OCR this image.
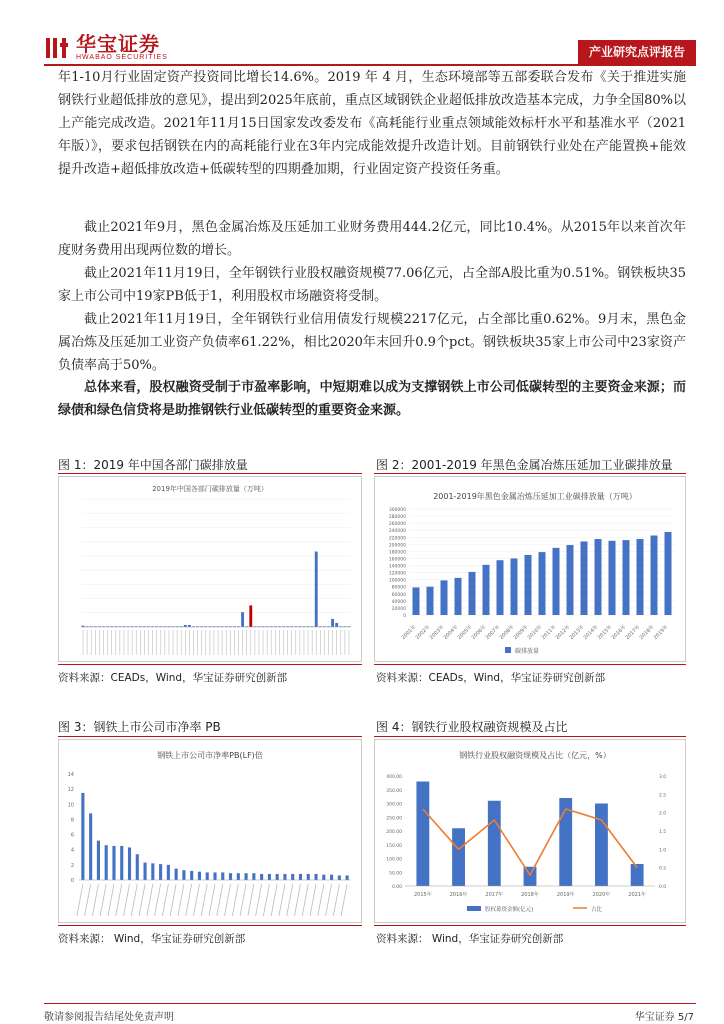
华宝证券
HWABAO SECURITIES	产业研究点评报告

年1-10月行业固定资产投资同比增长14.6%。2019 年 4 月，生态环境部等五部委联合发布《关于推进实施钢铁行业超低排放的意见》，提出到2025年底前，重点区域钢铁企业超低排放改造基本完成，力争全国80%以上产能完成改造。2021年11月15日国家发改委发布《高耗能行业重点领域能效标杆水平和基准水平（2021年版）》，要求包括钢铁在内的高耗能行业在3年内完成能效提升改造计划。目前钢铁行业处在产能置换+能效提升改造+超低排放改造+低碳转型的四期叠加期，行业固定资产投资任务重。

截止2021年9月，黑色金属冶炼及压延加工业财务费用444.2亿元，同比10.4%。从2015年以来首次年度财务费用出现两位数的增长。

截止2021年11月19日，全年钢铁行业股权融资规模77.06亿元，占全部A股比重为0.51%。钢铁板块35家上市公司中19家PB低于1，利用股权市场融资将受制。

截止2021年11月19日，全年钢铁行业信用债发行规模2217亿元，占全部比重0.62%。9月末，黑色金属冶炼及压延加工业资产负债率61.22%，相比2020年末回升0.9个pct。钢铁板块35家上市公司中23家资产负债率高于50%。

总体来看，股权融资受制于市盈率影响，中短期难以成为支撑钢铁上市公司低碳转型的主要资金来源；而绿债和绿色信贷将是助推钢铁行业低碳转型的重要资金来源。

图 1：2019 年中国各部门碳排放量
2019年中国各部门碳排放量（万吨）
资料来源：CEADs，Wind，华宝证券研究创新部
图 2：2001-2019 年黑色金属冶炼压延加工业碳排放量
2001-2019年黑色金属冶炼压延加工业碳排放量（万吨）
0
20000
40000
60000
80000
100000
120000
140000
160000
180000
200000
220000
240000
260000
280000
300000
2001年
2002年
2003年
2004年
2005年
2006年
2007年
2008年
2009年
2010年
2011年
2012年
2013年
2014年
2015年
2016年
2017年
2018年
2019年
碳排放量
资料来源：CEADs，Wind，华宝证券研究创新部
图 3：钢铁上市公司市净率 PB
钢铁上市公司市净率PB(LF)倍
0
2
4
6
8
10
12
14
资料来源： Wind，华宝证券研究创新部
图 4：钢铁行业股权融资规模及占比
钢铁行业股权融资规模及占比（亿元，%）
0.00
50.00
100.00
150.00
200.00
250.00
300.00
350.00
400.00
0.0
0.5
1.0
1.5
2.0
2.5
3.0
2015年	2016年	2017年	2018年	2019年	2020年	2021年
股权募资金额(亿元)	占比
资料来源： Wind，华宝证券研究创新部
敬请参阅报告结尾处免责声明	华宝证券 5/7
